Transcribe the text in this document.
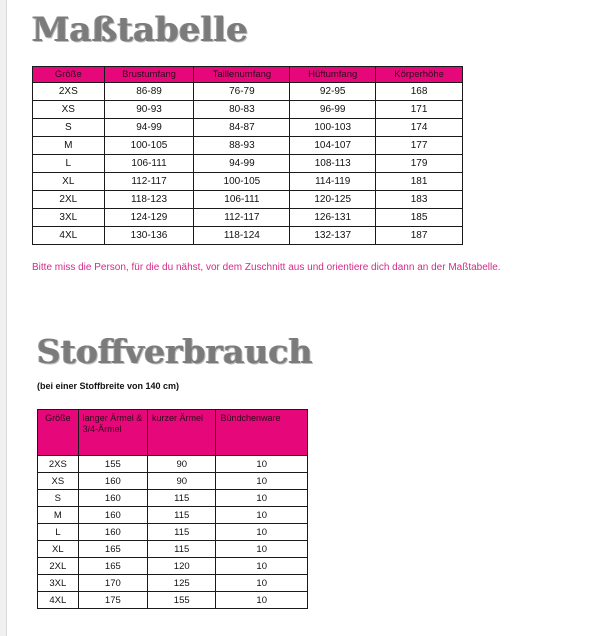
Maßtabelle
Größe	Brustumfang	Taillenumfang	Hüftumfang	Körperhöhe
2XS	86-89	76-79	92-95	168
XS	90-93	80-83	96-99	171
S	94-99	84-87	100-103	174
M	100-105	88-93	104-107	177
L	106-111	94-99	108-113	179
XL	112-117	100-105	114-119	181
2XL	118-123	106-111	120-125	183
3XL	124-129	112-117	126-131	185
4XL	130-136	118-124	132-137	187

Bitte miss die Person, für die du nähst, vor dem Zuschnitt aus und orientiere dich dann an der Maßtabelle.

Stoffverbrauch

(bei einer Stoffbreite von 140 cm)

Größe	langer Ärmel & 3/4-Ärmel	kurzer Ärmel	Bündchenware
2XS	155	90	10
XS	160	90	10
S	160	115	10
M	160	115	10
L	160	115	10
XL	165	115	10
2XL	165	120	10
3XL	170	125	10
4XL	175	155	10
